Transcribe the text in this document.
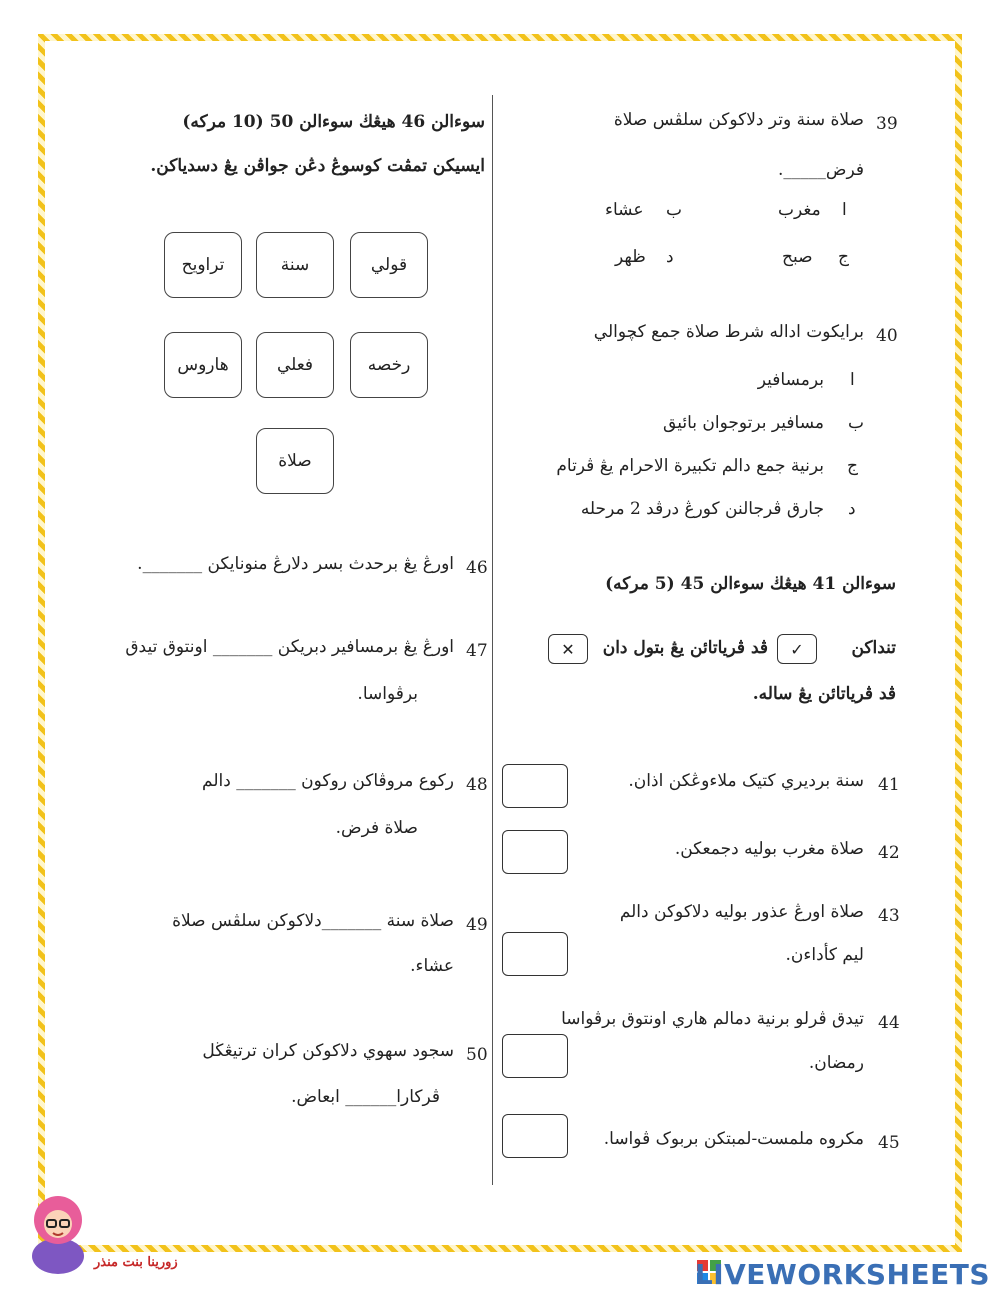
39
صلاة سنة وتر دلاكوكن سلڤس صلاة
فرض_____.
ا
مغرب
ب
عشاء
ج
صبح
د
ظهر
40
برايكوت اداله شرط صلاة جمع كچوالي
ا
برمسافير
ب
مسافير برتوجوان بائيق
ج
برنية جمع دالم تكبيرة الاحرام يڠ ڤرتام
د
جارق ڤرجالنن كورڠ درڤد 2 مرحله
سوءالن 41 هيڠڬ سوءالن 45 (5 مركه)
تنداكن
✓
ڤد ڤرياتائن يڠ بتول دان
✕
ڤد ڤرياتائن يڠ ساله.
41
سنة برديري كتيک ملاءوڠكن اذان.
42
صلاة مغرب بوليه دجمعكن.
43
صلاة اورڠ عذور بوليه دلاكوكن دالم
ليم كأداءن.
44
تيدق ڤرلو برنية دمالم هاري اونتوق برڤواسا
رمضان.
45
مكروه ملمست-لمبتكن بربوک ڤواسا.
سوءالن 46 هيڠڬ سوءالن 50 (10 مركه)
ايسيكن تمڤت كوسوڠ دڠن جواڤن يڠ دسدياكن.
قولي
سنة
تراويح
رخصه
فعلي
هاروس
صلاة
46
اورڠ يڠ برحدث بسر دلارڠ منونايكن _______.
47
اورڠ يڠ برمسافير دبريكن _______ اونتوق تيدق
برڤواسا.
48
ركوع مروڤاكن روكون _______ دالم
صلاة فرض.
49
صلاة سنة _______دلاكوكن سلڤس صلاة
عشاء.
50
سجود سهوي دلاكوكن كران ترتيڠڬل
ڤركارا______ ابعاض.
زورينا بنت منذر	LIVEWORKSHEETS
